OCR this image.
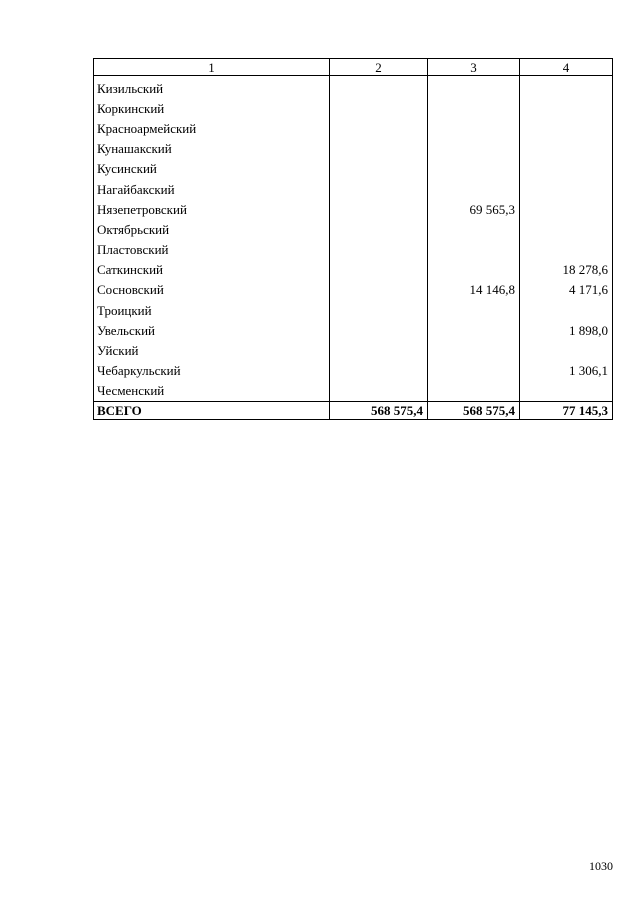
1	2	3	4
Кизильский			
Коркинский			
Красноармейский			
Кунашакский			
Кусинский			
Нагайбакский			
Нязепетровский		69 565,3	
Октябрьский			
Пластовский			
Саткинский			18 278,6
Сосновский		14 146,8	4 171,6
Троицкий			
Увельский			1 898,0
Уйский			
Чебаркульский			1 306,1
Чесменский			
ВСЕГО	568 575,4	568 575,4	77 145,3
1030
